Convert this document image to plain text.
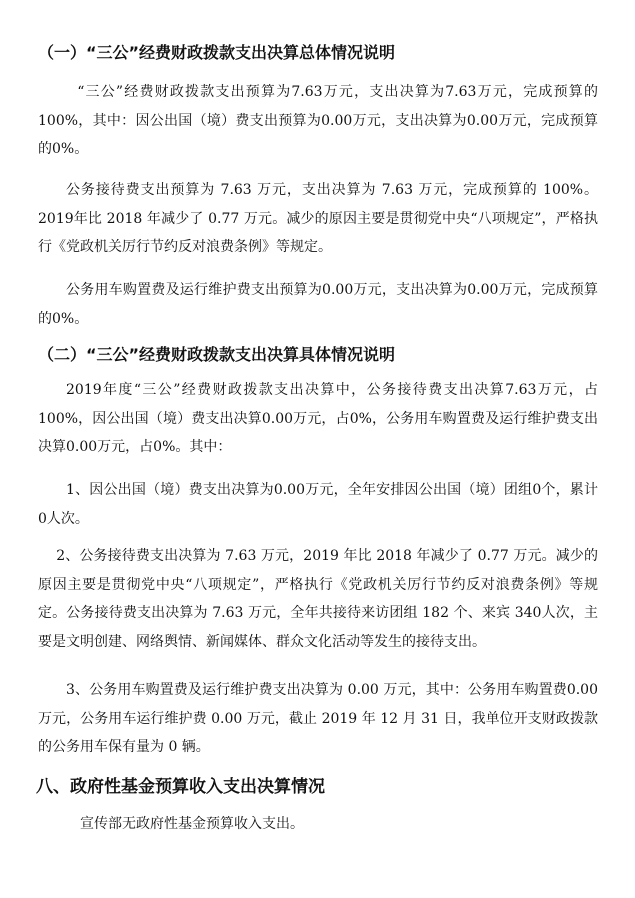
（一）“三公”经费财政拨款支出决算总体情况说明
“三公”经费财政拨款支出预算为7.63万元，支出决算为7.63万元，完成预算的100%，其中：因公出国（境）费支出预算为0.00万元，支出决算为0.00万元，完成预算的0%。
公务接待费支出预算为 7.63 万元，支出决算为 7.63 万元，完成预算的 100%。2019年比 2018 年减少了 0.77 万元。减少的原因主要是贯彻党中央“八项规定”，严格执行《党政机关厉行节约反对浪费条例》等规定。
公务用车购置费及运行维护费支出预算为0.00万元，支出决算为0.00万元，完成预算的0%。
（二）“三公”经费财政拨款支出决算具体情况说明
2019年度“三公”经费财政拨款支出决算中，公务接待费支出决算7.63万元，占100%，因公出国（境）费支出决算0.00万元，占0%，公务用车购置费及运行维护费支出决算0.00万元，占0%。其中：
1、因公出国（境）费支出决算为0.00万元，全年安排因公出国（境）团组0个，累计0人次。
2、公务接待费支出决算为 7.63 万元，2019 年比 2018 年减少了 0.77 万元。减少的原因主要是贯彻党中央“八项规定”，严格执行《党政机关厉行节约反对浪费条例》等规定。公务接待费支出决算为 7.63 万元，全年共接待来访团组 182 个、来宾 340人次，主要是文明创建、网络舆情、新闻媒体、群众文化活动等发生的接待支出。
3、公务用车购置费及运行维护费支出决算为 0.00 万元，其中：公务用车购置费0.00 万元，公务用车运行维护费 0.00 万元，截止 2019 年 12 月 31 日，我单位开支财政拨款的公务用车保有量为 0 辆。
八、政府性基金预算收入支出决算情况
宣传部无政府性基金预算收入支出。
